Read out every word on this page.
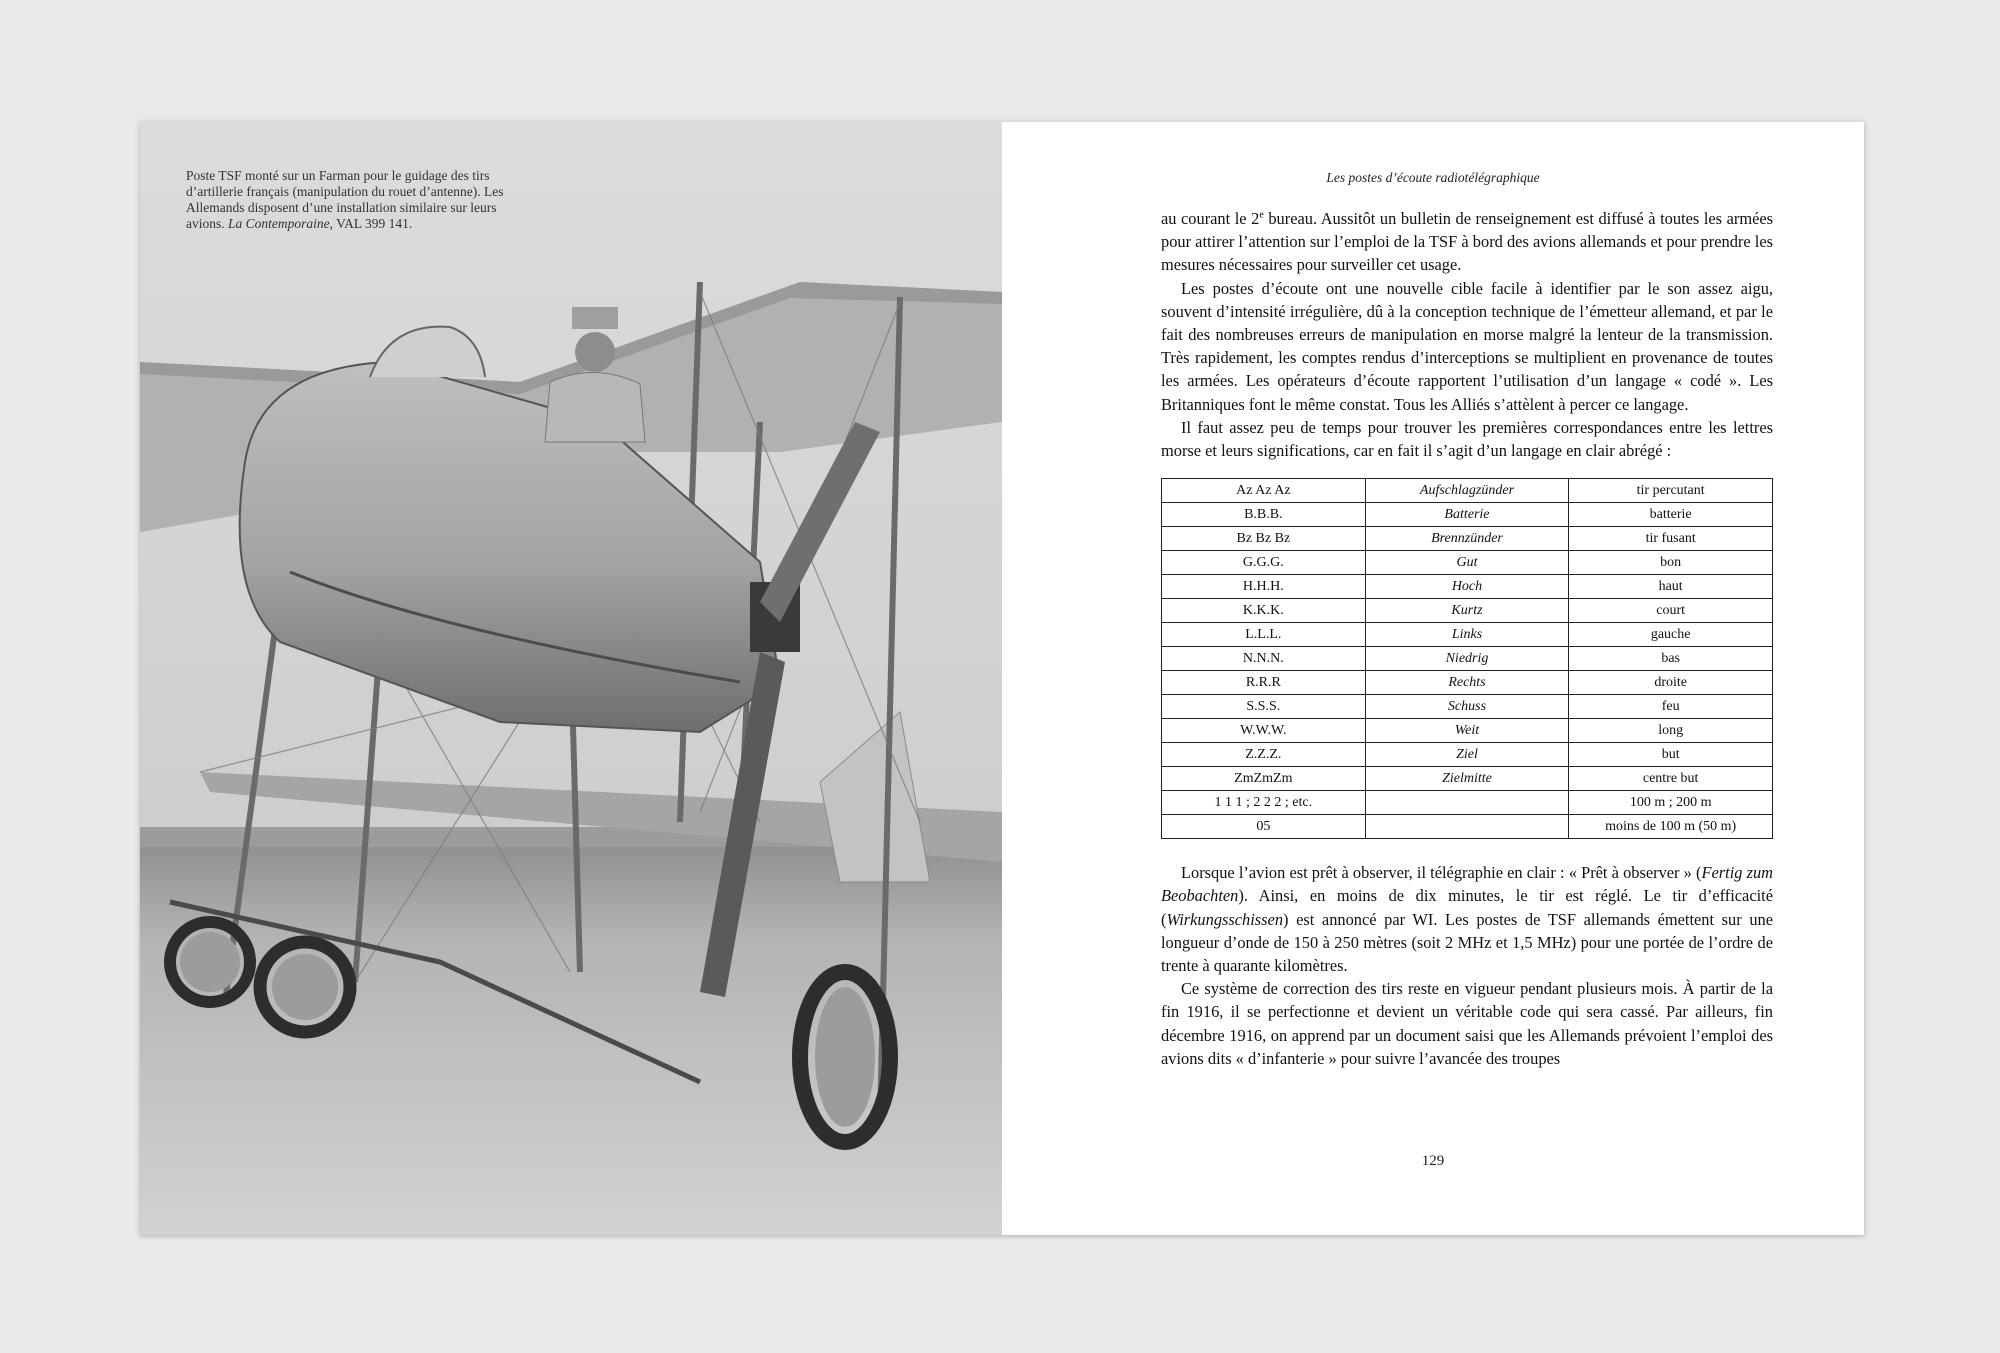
Poste TSF monté sur un Farman pour le guidage des tirs d’artillerie français (manipulation du rouet d’antenne). Les Allemands disposent d’une installation similaire sur leurs avions. La Contemporaine, VAL 399 141.

Les postes d’écoute radiotélégraphique

au courant le 2e bureau. Aussitôt un bulletin de renseignement est diffusé à toutes les armées pour attirer l’attention sur l’emploi de la TSF à bord des avions allemands et pour prendre les mesures nécessaires pour surveiller cet usage.

Les postes d’écoute ont une nouvelle cible facile à identifier par le son assez aigu, souvent d’intensité irrégulière, dû à la conception technique de l’émetteur allemand, et par le fait des nombreuses erreurs de manipulation en morse malgré la lenteur de la transmission. Très rapidement, les comptes rendus d’interceptions se multiplient en provenance de toutes les armées. Les opérateurs d’écoute rapportent l’utilisation d’un langage « codé ». Les Britanniques font le même constat. Tous les Alliés s’attèlent à percer ce langage.

Il faut assez peu de temps pour trouver les premières correspondances entre les lettres morse et leurs significations, car en fait il s’agit d’un langage en clair abrégé :

Az Az Az	Aufschlagzünder	tir percutant
B.B.B.	Batterie	batterie
Bz Bz Bz	Brennzünder	tir fusant
G.G.G.	Gut	bon
H.H.H.	Hoch	haut
K.K.K.	Kurtz	court
L.L.L.	Links	gauche
N.N.N.	Niedrig	bas
R.R.R	Rechts	droite
S.S.S.	Schuss	feu
W.W.W.	Weit	long
Z.Z.Z.	Ziel	but
ZmZmZm	Zielmitte	centre but
1 1 1 ; 2 2 2 ; etc.		100 m ; 200 m
05		moins de 100 m (50 m)

Lorsque l’avion est prêt à observer, il télégraphie en clair : « Prêt à observer » (Fertig zum Beobachten). Ainsi, en moins de dix minutes, le tir est réglé. Le tir d’efficacité (Wirkungsschissen) est annoncé par WI. Les postes de TSF allemands émettent sur une longueur d’onde de 150 à 250 mètres (soit 2 MHz et 1,5 MHz) pour une portée de l’ordre de trente à quarante kilomètres.

Ce système de correction des tirs reste en vigueur pendant plusieurs mois. À partir de la fin 1916, il se perfectionne et devient un véritable code qui sera cassé. Par ailleurs, fin décembre 1916, on apprend par un document saisi que les Allemands prévoient l’emploi des avions dits « d’infanterie » pour suivre l’avancée des troupes

129
